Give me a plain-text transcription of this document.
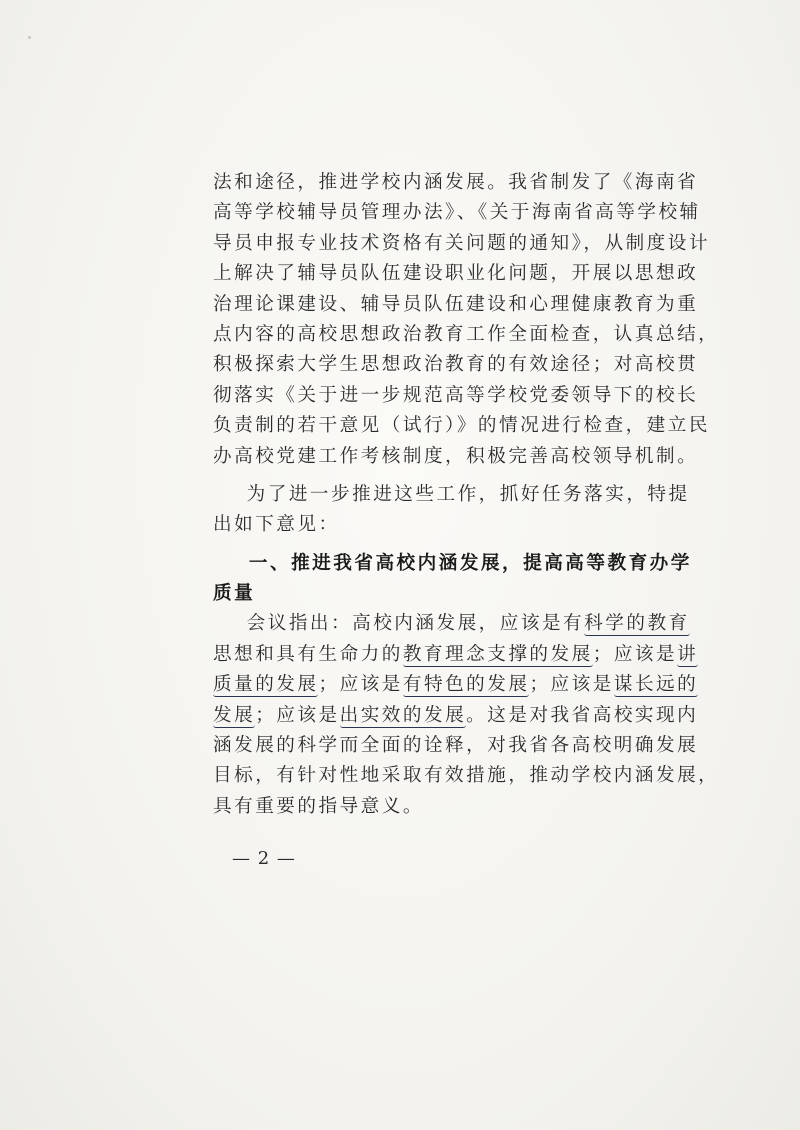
法和途径，推进学校内涵发展。我省制发了《海南省
高等学校辅导员管理办法》、《关于海南省高等学校辅
导员申报专业技术资格有关问题的通知》，从制度设计
上解决了辅导员队伍建设职业化问题，开展以思想政
治理论课建设、辅导员队伍建设和心理健康教育为重
点内容的高校思想政治教育工作全面检查，认真总结，
积极探索大学生思想政治教育的有效途径；对高校贯
彻落实《关于进一步规范高等学校党委领导下的校长
负责制的若干意见（试行）》的情况进行检查，建立民
办高校党建工作考核制度，积极完善高校领导机制。
为了进一步推进这些工作，抓好任务落实，特提
出如下意见：
一、推进我省高校内涵发展，提高高等教育办学
质量
会议指出：高校内涵发展，应该是有科学的教育
思想和具有生命力的教育理念支撑的发展；应该是讲
质量的发展；应该是有特色的发展；应该是谋长远的
发展；应该是出实效的发展。这是对我省高校实现内
涵发展的科学而全面的诠释，对我省各高校明确发展
目标，有针对性地采取有效措施，推动学校内涵发展，
具有重要的指导意义。
— 2 —
